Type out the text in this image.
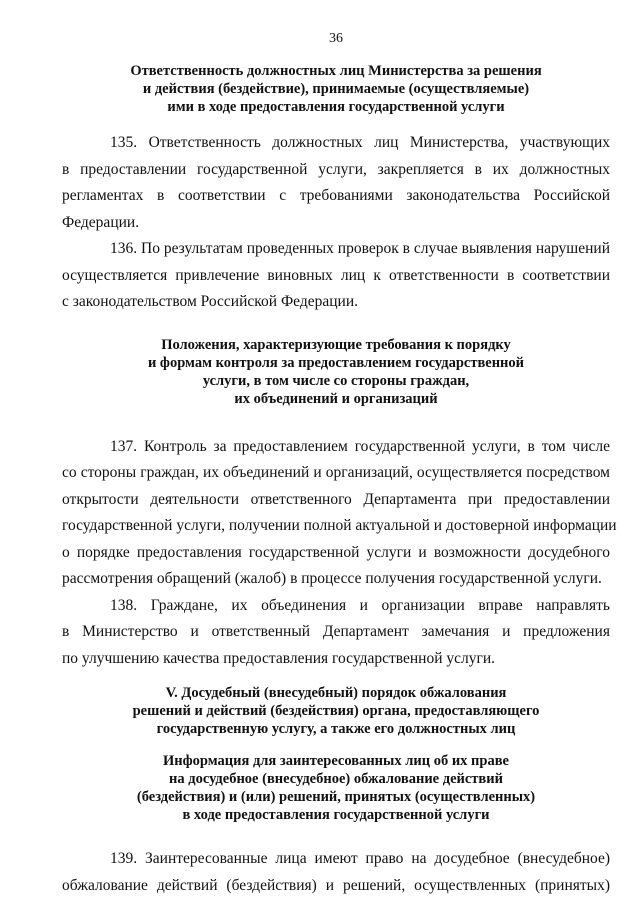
36
Ответственность должностных лиц Министерства за решения
и действия (бездействие), принимаемые (осуществляемые)
ими в ходе предоставления государственной услуги
135. Ответственность должностных лиц Министерства, участвующих
в предоставлении государственной услуги, закрепляется в их должностных
регламентах в соответствии с требованиями законодательства Российской
Федерации.
136. По результатам проведенных проверок в случае выявления нарушений
осуществляется привлечение виновных лиц к ответственности в соответствии
с законодательством Российской Федерации.
Положения, характеризующие требования к порядку
и формам контроля за предоставлением государственной
услуги, в том числе со стороны граждан,
их объединений и организаций
137. Контроль за предоставлением государственной услуги, в том числе
со стороны граждан, их объединений и организаций, осуществляется посредством
открытости деятельности ответственного Департамента при предоставлении
государственной услуги, получении полной актуальной и достоверной информации
о порядке предоставления государственной услуги и возможности досудебного
рассмотрения обращений (жалоб) в процессе получения государственной услуги.
138. Граждане, их объединения и организации вправе направлять
в Министерство и ответственный Департамент замечания и предложения
по улучшению качества предоставления государственной услуги.
V. Досудебный (внесудебный) порядок обжалования
решений и действий (бездействия) органа, предоставляющего
государственную услугу, а также его должностных лиц
Информация для заинтересованных лиц об их праве
на досудебное (внесудебное) обжалование действий
(бездействия) и (или) решений, принятых (осуществленных)
в ходе предоставления государственной услуги
139. Заинтересованные лица имеют право на досудебное (внесудебное)
обжалование действий (бездействия) и решений, осуществленных (принятых)
